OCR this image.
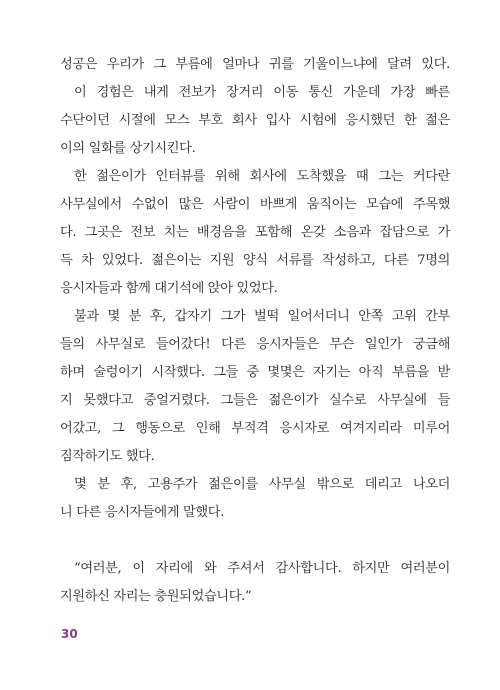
성공은 우리가 그 부름에 얼마나 귀를 기울이느냐에 달려 있다.
이 경험은 내게 전보가 장거리 이동 통신 가운데 가장 빠른
수단이던 시절에 모스 부호 회사 입사 시험에 응시했던 한 젊은
이의 일화를 상기시킨다.
한 젊은이가 인터뷰를 위해 회사에 도착했을 때 그는 커다란
사무실에서 수없이 많은 사람이 바쁘게 움직이는 모습에 주목했
다. 그곳은 전보 치는 배경음을 포함해 온갖 소음과 잡담으로 가
득 차 있었다. 젊은이는 지원 양식 서류를 작성하고, 다른 7명의
응시자들과 함께 대기석에 앉아 있었다.
불과 몇 분 후, 갑자기 그가 벌떡 일어서더니 안쪽 고위 간부
들의 사무실로 들어갔다! 다른 응시자들은 무슨 일인가 궁금해
하며 술렁이기 시작했다. 그들 중 몇몇은 자기는 아직 부름을 받
지 못했다고 중얼거렸다. 그들은 젊은이가 실수로 사무실에 들
어갔고, 그 행동으로 인해 부적격 응시자로 여겨지리라 미루어
짐작하기도 했다.
몇 분 후, 고용주가 젊은이를 사무실 밖으로 데리고 나오더
니 다른 응시자들에게 말했다.
“여러분, 이 자리에 와 주셔서 감사합니다. 하지만 여러분이
지원하신 자리는 충원되었습니다.”
30
